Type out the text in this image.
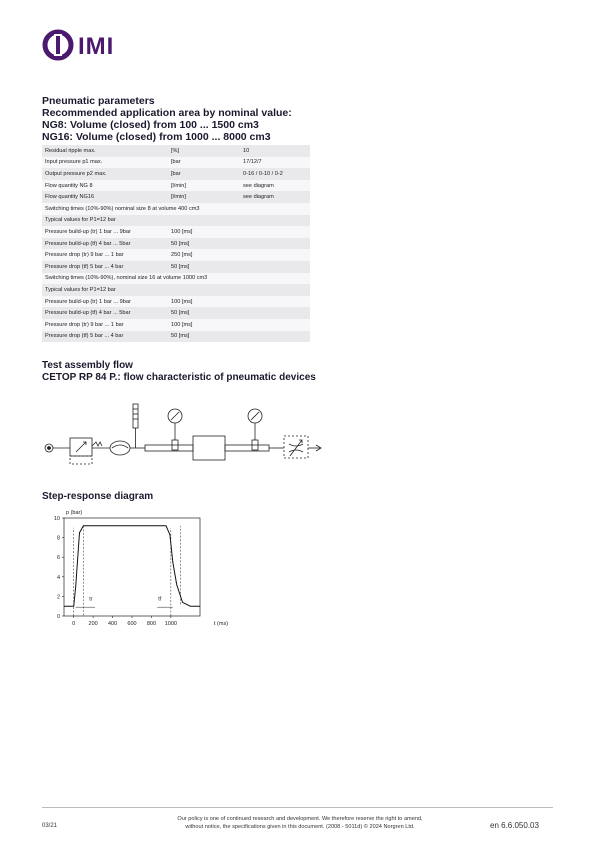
IMI
Pneumatic parameters
Recommended application area by nominal value:
NG8: Volume (closed) from 100 ... 1500 cm3
NG16: Volume (closed) from 1000 ... 8000 cm3
Residual ripple max.	[%]	10
Input pressure p1 max.	[bar	17/12/7
Output pressure p2 max.	[bar	0-16 / 0-10 / 0-2
Flow quantity NG 8	[l/min]	see diagram
Flow quantity NG16	[l/min]	see diagram
Switching times (10%-90%) nominal size 8 at volume 400 cm3		
Typical values for P1=12 bar		
Pressure build-up (tr) 1 bar ... 9bar	100 [ms]	
Pressure build-up (tf) 4 bar ... 5bar	50 [ms]	
Pressure drop (tr) 9 bar ... 1 bar	250 [ms]	
Pressure drop (tf) 5 bar ... 4 bar	50 [ms]	
Switching times (10%-90%), nominal size 16 at volume 1000 cm3		
Typical values for P1=12 bar		
Pressure build-up (tr) 1 bar ... 9bar	100 [ms]	
Pressure build-up (tf) 4 bar ... 5bar	50 [ms]	
Pressure drop (tr) 9 bar ... 1 bar	100 [ms]	
Pressure drop (tf) 5 bar ... 4 bar	50 [ms]	
Test assembly flow
CETOP RP 84 P.: flow characteristic of pneumatic devices
Step-response diagram
0
2
4
6
8
10
0 200 400 600 800 1000
p (bar)
t (ms)
tr	tf
03/21
Our policy is one of continued research and development. We therefore reserve the right to amend,
without notice, the specifications given in this document. (2008 - 5011d) © 2024 Norgren Ltd.	en 6.6.050.03
